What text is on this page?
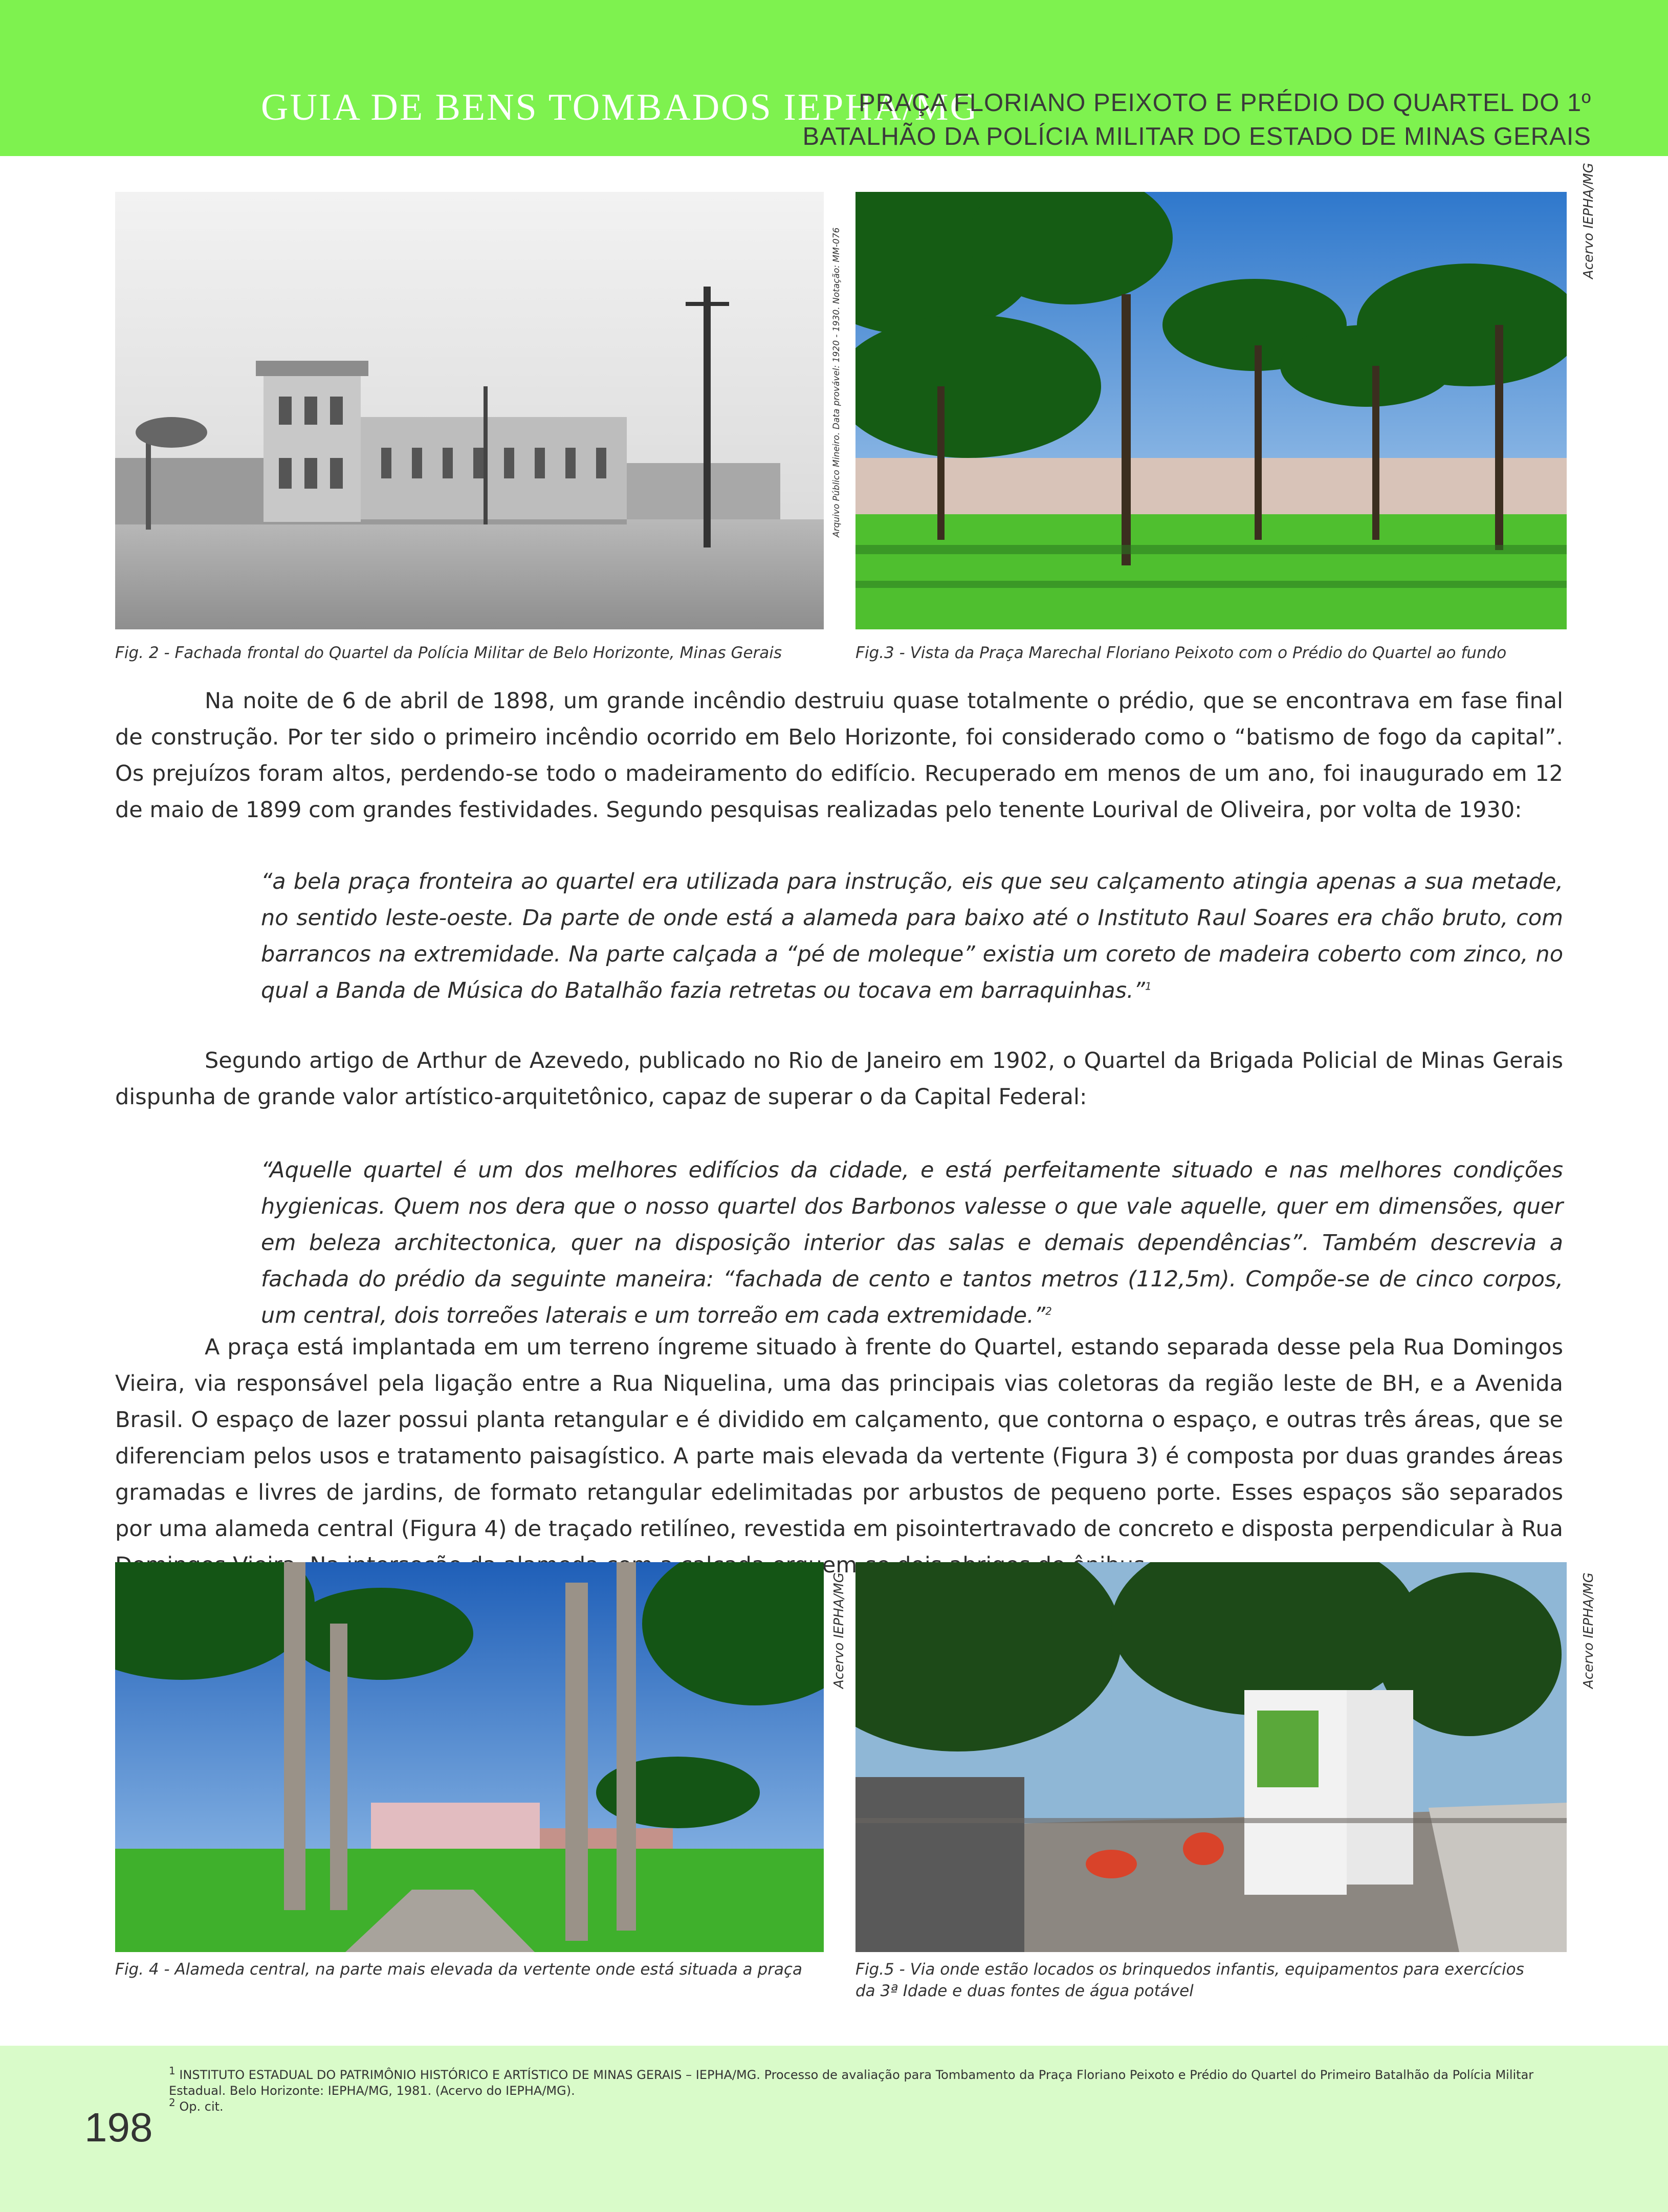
GUIA DE BENS TOMBADOS IEPHA/MG
PRAÇA FLORIANO PEIXOTO E PRÉDIO DO QUARTEL DO 1º
BATALHÃO DA POLÍCIA MILITAR DO ESTADO DE MINAS GERAIS
Arquivo Público Mineiro. Data provável: 1920 - 1930. Notação: MM-076
Fig. 2 - Fachada frontal do Quartel da Polícia Militar de Belo Horizonte, Minas Gerais
Acervo IEPHA/MG
Fig.3 - Vista da Praça Marechal Floriano Peixoto com o Prédio do Quartel ao fundo
Na noite de 6 de abril de 1898, um grande incêndio destruiu quase totalmente o prédio, que se encontrava em fase final de construção. Por ter sido o primeiro incêndio ocorrido em Belo Horizonte, foi considerado como o “batismo de fogo da capital”. Os prejuízos foram altos, perdendo-se todo o madeiramento do edifício. Recuperado em menos de um ano, foi inaugurado em 12 de maio de 1899 com grandes festividades. Segundo pesquisas realizadas pelo tenente Lourival de Oliveira, por volta de 1930:
“a bela praça fronteira ao quartel era utilizada para instrução, eis que seu calçamento atingia apenas a sua metade, no sentido leste-oeste. Da parte de onde está a alameda para baixo até o Instituto Raul Soares era chão bruto, com barrancos na extremidade. Na parte calçada a “pé de moleque” existia um coreto de madeira coberto com zinco, no qual a Banda de Música do Batalhão fazia retretas ou tocava em barraquinhas.”$^1$
Segundo artigo de Arthur de Azevedo, publicado no Rio de Janeiro em 1902, o Quartel da Brigada Policial de Minas Gerais dispunha de grande valor artístico-arquitetônico, capaz de superar o da Capital Federal:
“Aquelle quartel é um dos melhores edifícios da cidade, e está perfeitamente situado e nas melhores condições hygienicas. Quem nos dera que o nosso quartel dos Barbonos valesse o que vale aquelle, quer em dimensões, quer em beleza architectonica, quer na disposição interior das salas e demais dependências”. Também descrevia a fachada do prédio da seguinte maneira: “fachada de cento e tantos metros (112,5m). Compõe-se de cinco corpos, um central, dois torreões laterais e um torreão em cada extremidade.”$^2$
A praça está implantada em um terreno íngreme situado à frente do Quartel, estando separada desse pela Rua Domingos Vieira, via responsável pela ligação entre a Rua Niquelina, uma das principais vias coletoras da região leste de BH, e a Avenida Brasil. O espaço de lazer possui planta retangular e é dividido em calçamento, que contorna o espaço, e outras três áreas, que se diferenciam pelos usos e tratamento paisagístico. A parte mais elevada da vertente (Figura 3) é composta por duas grandes áreas gramadas e livres de jardins, de formato retangular edelimitadas por arbustos de pequeno porte. Esses espaços são separados por uma alameda central (Figura 4) de traçado retilíneo, revestida em pisointertravado de concreto e disposta perpendicular à Rua erguem-se
Acervo IEPHA/MG
Fig. 4 - Alameda central, na parte mais elevada da vertente onde está situada a praça
Acervo IEPHA/MG
Fig.5 - Via onde estão locados os brinquedos infantis, equipamentos para exercícios
da 3ª Idade e duas fontes de água potável
198
$^1$ INSTITUTO ESTADUAL DO PATRIMÔNIO HISTÓRICO E ARTÍSTICO DE MINAS GERAIS – IEPHA/MG. Processo de avaliação para Tombamento da Praça Floriano Peixoto e Prédio do Quartel do Primeiro Batalhão da Polícia Militar Estadual. Belo Horizonte: IEPHA/MG, 1981. (Acervo do IEPHA/MG).
$^2$ Op. cit.
